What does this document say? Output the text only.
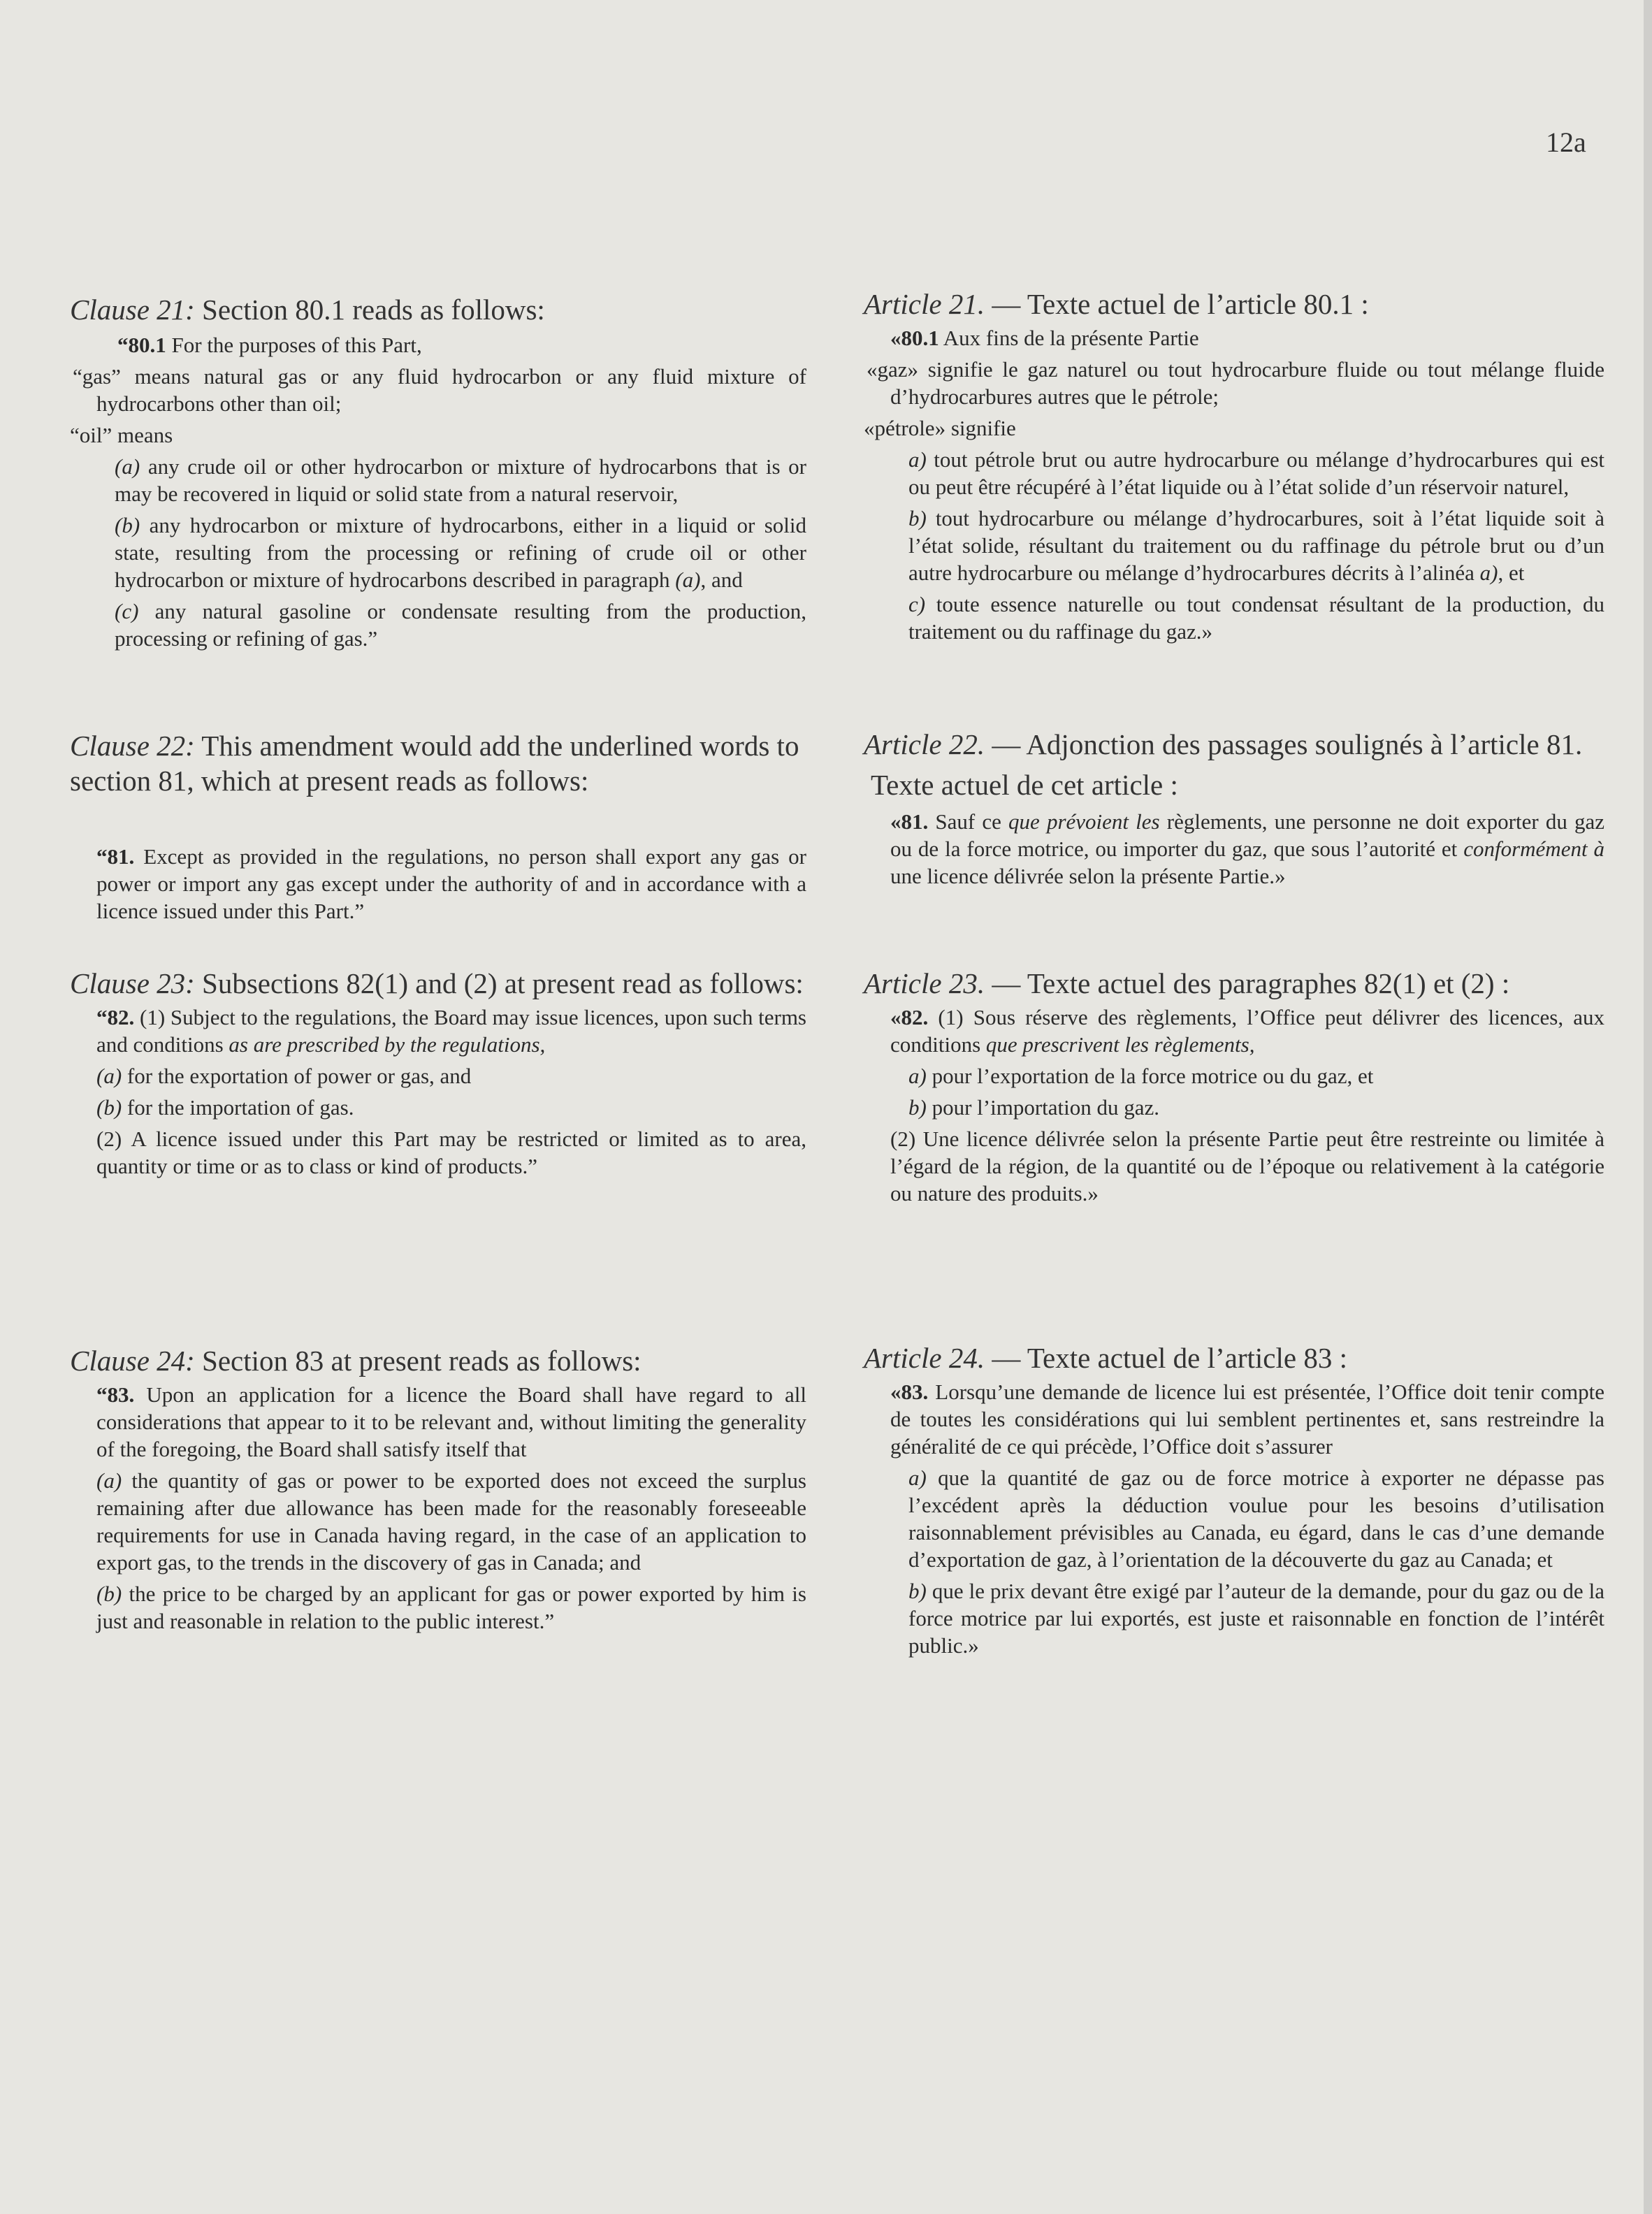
12a
Clause 21: Section 80.1 reads as follows:

“80.1 For the purposes of this Part,

“gas” means natural gas or any fluid hydrocarbon or any fluid mixture of hydrocarbons other than oil;

“oil” means

(a) any crude oil or other hydrocarbon or mixture of hydrocarbons that is or may be recovered in liquid or solid state from a natural reservoir,

(b) any hydrocarbon or mixture of hydrocarbons, either in a liquid or solid state, resulting from the processing or refining of crude oil or other hydrocarbon or mixture of hydrocarbons described in paragraph (a), and

(c) any natural gasoline or condensate resulting from the production, processing or refining of gas.”

Clause 22: This amendment would add the underlined words to section 81, which at present reads as follows:

“81. Except as provided in the regulations, no person shall export any gas or power or import any gas except under the authority of and in accordance with a licence issued under this Part.”

Clause 23: Subsections 82(1) and (2) at present read as follows:

“82. (1) Subject to the regulations, the Board may issue licences, upon such terms and conditions as are prescribed by the regulations,

(a) for the exportation of power or gas, and

(b) for the importation of gas.

(2) A licence issued under this Part may be restricted or limited as to area, quantity or time or as to class or kind of products.”

Clause 24: Section 83 at present reads as follows:

“83. Upon an application for a licence the Board shall have regard to all considerations that appear to it to be relevant and, without limiting the generality of the foregoing, the Board shall satisfy itself that

(a) the quantity of gas or power to be exported does not exceed the surplus remaining after due allowance has been made for the reasonably foreseeable requirements for use in Canada having regard, in the case of an application to export gas, to the trends in the discovery of gas in Canada; and

(b) the price to be charged by an applicant for gas or power exported by him is just and reasonable in relation to the public interest.”

Article 21. — Texte actuel de l’article 80.1 :

«80.1 Aux fins de la présente Partie

«gaz» signifie le gaz naturel ou tout hydrocarbure fluide ou tout mélange fluide d’hydrocarbures autres que le pétrole;

«pétrole» signifie

a) tout pétrole brut ou autre hydrocarbure ou mélange d’hydrocarbures qui est ou peut être récupéré à l’état liquide ou à l’état solide d’un réservoir naturel,

b) tout hydrocarbure ou mélange d’hydrocarbures, soit à l’état liquide soit à l’état solide, résultant du traitement ou du raffinage du pétrole brut ou d’un autre hydrocarbure ou mélange d’hydrocarbures décrits à l’alinéa a), et

c) toute essence naturelle ou tout condensat résultant de la production, du traitement ou du raffinage du gaz.»

Article 22. — Adjonction des passages soulignés à l’article 81.
Texte actuel de cet article :

«81. Sauf ce que prévoient les règlements, une personne ne doit exporter du gaz ou de la force motrice, ou importer du gaz, que sous l’autorité et conformément à une licence délivrée selon la présente Partie.»

Article 23. — Texte actuel des paragraphes 82(1) et (2) :

«82. (1) Sous réserve des règlements, l’Office peut délivrer des licences, aux conditions que prescrivent les règlements,

a) pour l’exportation de la force motrice ou du gaz, et

b) pour l’importation du gaz.

(2) Une licence délivrée selon la présente Partie peut être restreinte ou limitée à l’égard de la région, de la quantité ou de l’époque ou relativement à la catégorie ou nature des produits.»

Article 24. — Texte actuel de l’article 83 :

«83. Lorsqu’une demande de licence lui est présentée, l’Office doit tenir compte de toutes les considérations qui lui semblent pertinentes et, sans restreindre la généralité de ce qui précède, l’Office doit s’assurer

a) que la quantité de gaz ou de force motrice à exporter ne dépasse pas l’excédent après la déduction voulue pour les besoins d’utilisation raisonnablement prévisibles au Canada, eu égard, dans le cas d’une demande d’exportation de gaz, à l’orientation de la découverte du gaz au Canada; et

b) que le prix devant être exigé par l’auteur de la demande, pour du gaz ou de la force motrice par lui exportés, est juste et raisonnable en fonction de l’intérêt public.»
